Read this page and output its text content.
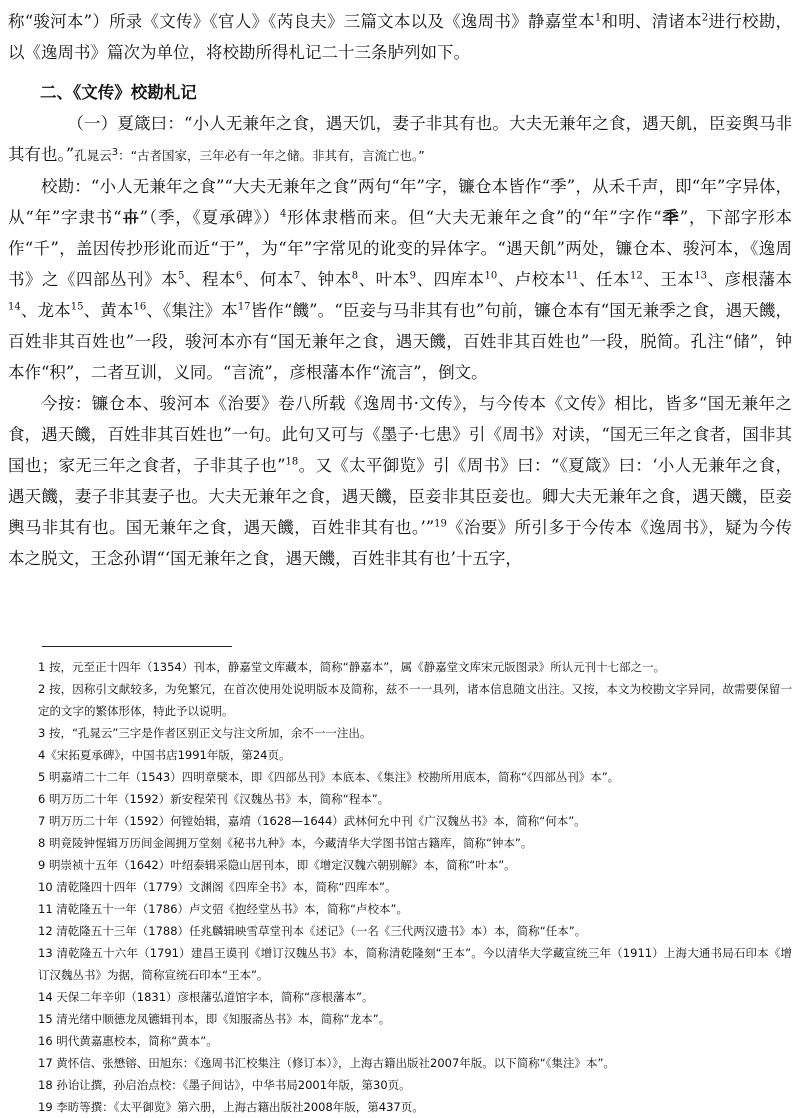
称“骏河本”）所录《文传》《官人》《芮良夫》三篇文本以及《逸周书》静嘉堂本$^1$和明、清诸本$^2$进行校勘，以《逸周书》篇次为单位，将校勘所得札记二十三条胪列如下。

二、《文传》校勘札记

（一）夏箴曰：“小人无兼年之食，遇天饥，妻子非其有也。大夫无兼年之食，遇天飢，臣妾舆马非其有也。”孔晁云$^3$：“古者国家，三年必有一年之储。非其有，言流亡也。”

校勘：“小人无兼年之食”“大夫无兼年之食”两句“年”字，镰仓本皆作“季”，从禾千声，即“年”字异体，从“年”字隶书“𠦃”（季，《夏承碑》）$^4$形体隶楷而来。但“大夫无兼年之食”的“年”字作“秊”，下部字形本作“千”，盖因传抄形讹而近“于”，为“年”字常见的讹变的异体字。“遇天飢”两处，镰仓本、骏河本，《逸周书》之《四部丛刊》本$^5$、程本$^6$、何本$^7$、钟本$^8$、叶本$^9$、四库本$^{10}$、卢校本$^{11}$、任本$^{12}$、王本$^{13}$、彦根藩本$^{14}$、龙本$^{15}$、黄本$^{16}$、《集注》本$^{17}$皆作“饑”。“臣妾与马非其有也”句前，镰仓本有“国无兼季之食，遇天饑，百姓非其百姓也”一段，骏河本亦有“国无兼年之食，遇天饑，百姓非其百姓也”一段，脱简。孔注“储”，钟本作“积”，二者互训，义同。“言流”，彦根藩本作“流言”，倒文。

今按：镰仓本、骏河本《治要》卷八所载《逸周书·文传》，与今传本《文传》相比，皆多“国无兼年之食，遇天饑，百姓非其百姓也”一句。此句又可与《墨子·七患》引《周书》对读，“国无三年之食者，国非其国也；家无三年之食者，子非其子也”$^{18}$。又《太平御览》引《周书》曰：“《夏箴》曰：‘小人无兼年之食，遇天饑，妻子非其妻子也。大夫无兼年之食，遇天饑，臣妾非其臣妾也。卿大夫无兼年之食，遇天饑，臣妾輿马非其有也。国无兼年之食，遇天饑，百姓非其有也。’”$^{19}$《治要》所引多于今传本《逸周书》，疑为今传本之脱文，王念孙谓“‘国无兼年之食，遇天饑，百姓非其有也’十五字，

1 按，元至正十四年（1354）刊本，静嘉堂文库藏本，简称“静嘉本”，属《静嘉堂文库宋元版图录》所认元刊十七部之一。

2 按，因称引文献较多，为免繁冗，在首次使用处说明版本及简称，兹不一一具列，诸本信息随文出注。又按，本文为校勘文字异同，故需要保留一定的文字的繁体形体，特此予以说明。

3 按，“孔晁云”三字是作者区别正文与注文所加，余不一一注出。

4《宋拓夏承碑》，中国书店1991年版，第24页。

5 明嘉靖二十二年（1543）四明章檗本，即《四部丛刊》本底本、《集注》校勘所用底本，简称“《四部丛刊》本”。

6 明万历二十年（1592）新安程荣刊《汉魏丛书》本，简称“程本”。

7 明万历二十年（1592）何镗始辑，嘉靖（1628—1644）武林何允中刊《广汉魏丛书》本，简称“何本”。

8 明竟陵钟惺辑万历间金阊拥万堂刻《秘书九种》本，今藏清华大学图书馆古籍库，简称“钟本”。

9 明崇祯十五年（1642）叶绍泰辑采隐山居刊本，即《增定汉魏六朝别解》本，简称“叶本”。

10 清乾隆四十四年（1779）文渊阁《四库全书》本，简称“四库本”。

11 清乾隆五十一年（1786）卢文弨《抱经堂丛书》本，简称“卢校本”。

12 清乾隆五十三年（1788）任兆麟辑映雪草堂刊本《述记》（一名《三代两汉遗书》本）本，简称“任本”。

13 清乾隆五十六年（1791）建昌王谟刊《增订汉魏丛书》本，简称清乾隆刻“王本”。今以清华大学藏宣统三年（1911）上海大通书局石印本《增订汉魏丛书》为据，简称宣统石印本“王本”。

14 天保二年辛卯（1831）彦根藩弘道馆字本，简称“彦根藩本”。

15 清光绪中顺德龙凤镳辑刊本，即《知服斋丛书》本，简称“龙本”。

16 明代黄嘉惠校本，简称“黄本”。

17 黄怀信、张懋镕、田旭东：《逸周书汇校集注（修订本）》，上海古籍出版社2007年版。以下简称“《集注》本”。

18 孙诒让撰，孙启治点校：《墨子间诂》，中华书局2001年版，第30页。

19 李昉等撰：《太平御览》第六册，上海古籍出版社2008年版，第437页。
